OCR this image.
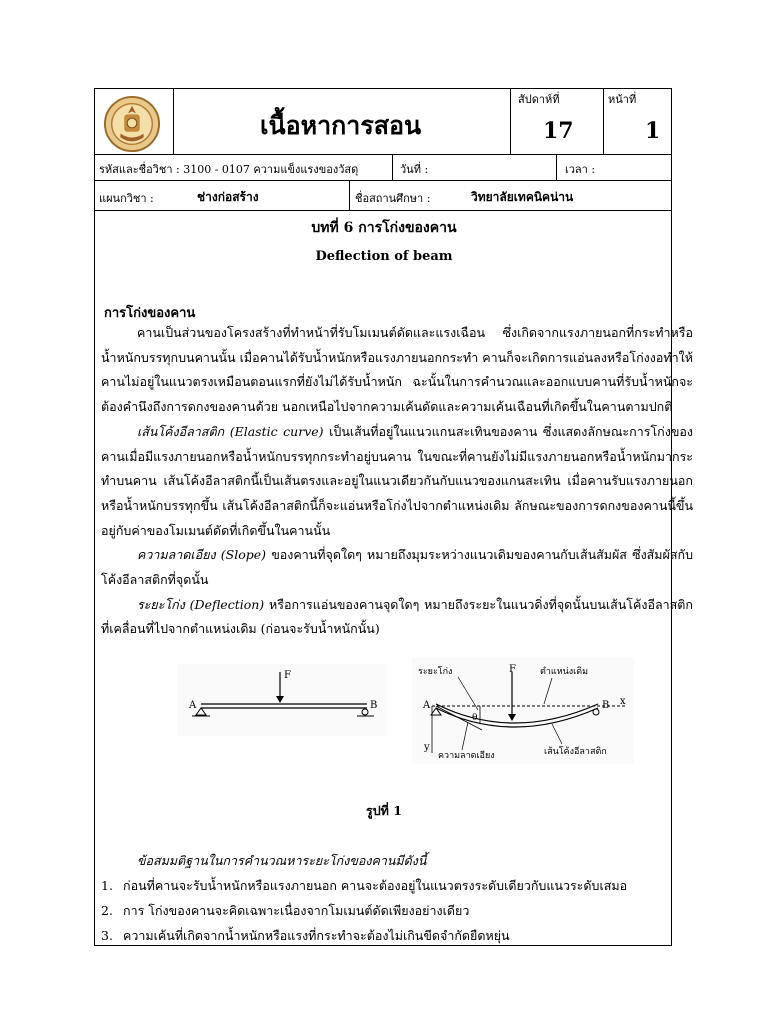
เนื้อหาการสอน
สัปดาห์ที่
17
หน้าที่
1
รหัสและชื่อวิชา : 3100 - 0107 ความแข็งแรงของวัสดุ	วันที่ :	เวลา :
แผนกวิชา :	ช่างก่อสร้าง	ชื่อสถานศึกษา :	วิทยาลัยเทคนิคน่าน
บทที่ 6 การโก่งของคาน
Deflection of beam
การโก่งของคาน

คานเป็นส่วนของโครงสร้างที่ทำหน้าที่รับโมเมนต์ดัดและแรงเฉือน ซึ่งเกิดจากแรงภายนอกที่กระทำหรือน้ำหนักบรรทุกบนคานนั้น เมื่อคานได้รับน้ำหนักหรือแรงภายนอกกระทำ คานก็จะเกิดการแอ่นลงหรือโก่งงอทำให้คานไม่อยู่ในแนวตรงเหมือนตอนแรกที่ยังไม่ได้รับน้ำหนัก ฉะนั้นในการคำนวณและออกแบบคานที่รับน้ำหนักจะต้องคำนึงถึงการดกงของคานด้วย นอกเหนือไปจากความเค้นดัดและความเค้นเฉือนที่เกิดขึ้นในคานตามปกติ

เส้นโค้งอีลาสติก (Elastic curve) เป็นเส้นที่อยู่ในแนวแกนสะเทินของคาน ซึ่งแสดงลักษณะการโก่งของคานเมื่อมีแรงภายนอกหรือน้ำหนักบรรทุกกระทำอยู่บนคาน ในขณะที่คานยังไม่มีแรงภายนอกหรือน้ำหนักมากระทำบนคาน เส้นโค้งอีลาสติกนี้เป็นเส้นตรงและอยู่ในแนวเดียวกันกับแนวของแกนสะเทิน เมื่อคานรับแรงภายนอกหรือน้ำหนักบรรทุกขึ้น เส้นโค้งอีลาสติกนี้ก็จะแอ่นหรือโก่งไปจากตำแหน่งเดิม ลักษณะของการดกงของคานนี้ขึ้นอยู่กับค่าของโมเมนต์ดัดที่เกิดขึ้นในคานนั้น

ความลาดเอียง (Slope) ของคานที่จุดใดๆ หมายถึงมุมระหว่างแนวเดิมของคานกับเส้นสัมผัส ซึ่งสัมผัสกับโค้งอีลาสติกที่จุดนั้น

ระยะโก่ง (Deflection) หรือการแอ่นของคานจุดใดๆ หมายถึงระยะในแนวดิ่งที่จุดนั้นบนเส้นโค้งอีลาสติกที่เคลื่อนที่ไปจากตำแหน่งเดิม (ก่อนจะรับน้ำหนักนั้น)

F
A	B	x
y
F
A	B
θ
ระยะโก่ง	ตำแหน่งเดิม
ความลาดเอียง	เส้นโค้งอีลาสติก
รูปที่ 1
ข้อสมมติฐานในการคำนวณหาระยะโก่งของคานมีดังนี้
1. ก่อนที่คานจะรับน้ำหนักหรือแรงภายนอก คานจะต้องอยู่ในแนวตรงระดับเดียวกับแนวระดับเสมอ
2. การ โก่งของคานจะคิดเฉพาะเนื่องจากโมเมนต์ดัดเพียงอย่างเดียว
3. ความเค้นที่เกิดจากน้ำหนักหรือแรงที่กระทำจะต้องไม่เกินขีดจำกัดยืดหยุ่น
